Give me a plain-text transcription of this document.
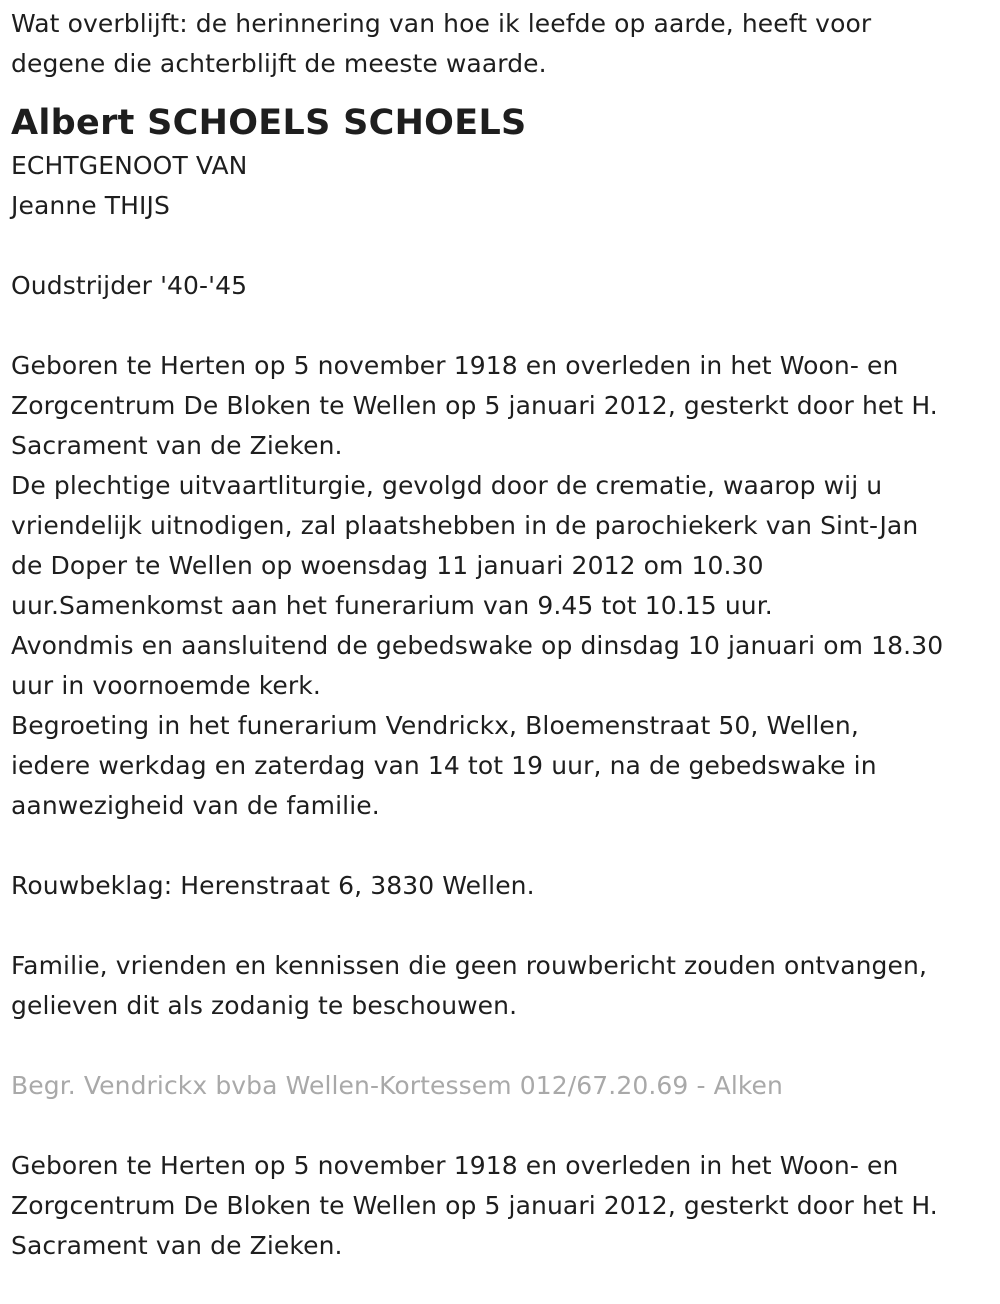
Wat overblijft: de herinnering van hoe ik leefde op aarde, heeft voor
degene die achterblijft de meeste waarde.
Albert SCHOELS SCHOELS
ECHTGENOOT VAN
Jeanne THIJS
Oudstrijder '40-'45
Geboren te Herten op 5 november 1918 en overleden in het Woon- en
Zorgcentrum De Bloken te Wellen op 5 januari 2012, gesterkt door het H.
Sacrament van de Zieken.
De plechtige uitvaartliturgie, gevolgd door de crematie, waarop wij u
vriendelijk uitnodigen, zal plaatshebben in de parochiekerk van Sint-Jan
de Doper te Wellen op woensdag 11 januari 2012 om 10.30
uur.Samenkomst aan het funerarium van 9.45 tot 10.15 uur.
Avondmis en aansluitend de gebedswake op dinsdag 10 januari om 18.30
uur in voornoemde kerk.
Begroeting in het funerarium Vendrickx, Bloemenstraat 50, Wellen,
iedere werkdag en zaterdag van 14 tot 19 uur, na de gebedswake in
aanwezigheid van de familie.
Rouwbeklag: Herenstraat 6, 3830 Wellen.
Familie, vrienden en kennissen die geen rouwbericht zouden ontvangen,
gelieven dit als zodanig te beschouwen.
Begr. Vendrickx bvba Wellen-Kortessem 012/67.20.69 - Alken
Geboren te Herten op 5 november 1918 en overleden in het Woon- en
Zorgcentrum De Bloken te Wellen op 5 januari 2012, gesterkt door het H.
Sacrament van de Zieken.
